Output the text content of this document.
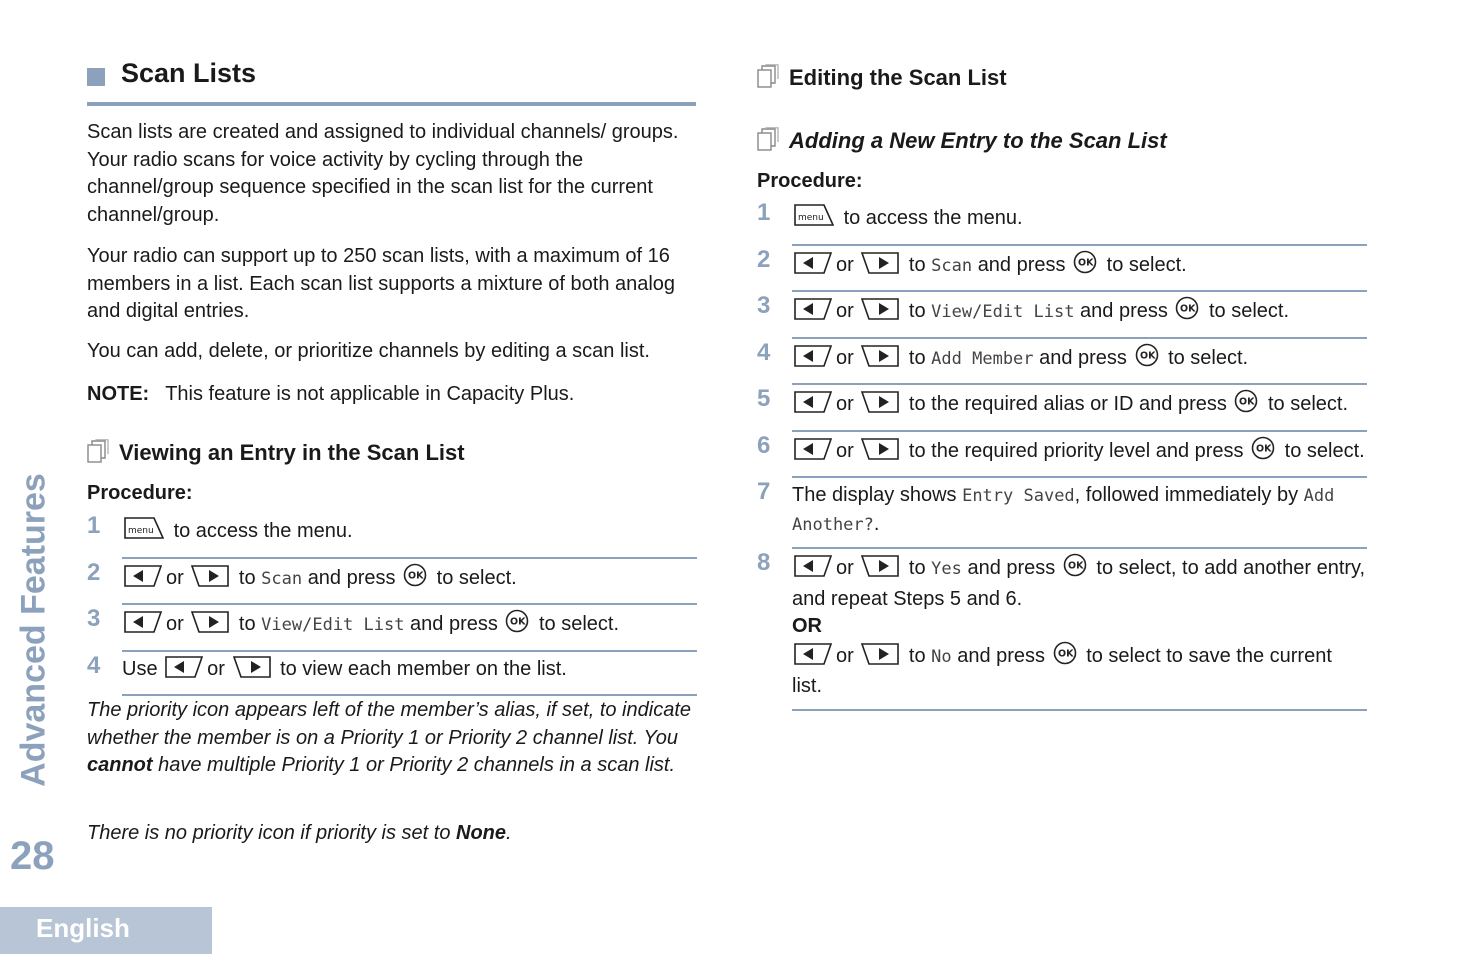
Scan Lists

Scan lists are created and assigned to individual channels/ groups. Your radio scans for voice activity by cycling through the channel/group sequence specified in the scan list for the current channel/group.

Your radio can support up to 250 scan lists, with a maximum of 16 members in a list. Each scan list supports a mixture of both analog and digital entries.

You can add, delete, or prioritize channels by editing a scan list.

NOTE: This feature is not applicable in Capacity Plus.
Viewing an Entry in the Scan List
Procedure:
1	menu to access the menu.
2	or	to Scan and press OK to select.
3	or	to View/Edit List and press OK to select.
4	Use or	to view each member on the list.

The priority icon appears left of the member’s alias, if set, to indicate whether the member is on a Priority 1 or Priority 2 channel list. You cannot have multiple Priority 1 or Priority 2 channels in a scan list.

There is no priority icon if priority is set to None.

Editing the Scan List
Adding a New Entry to the Scan List
Procedure:
1	menu to access the menu.
2	or	to Scan and press OK to select.
3	or	to View/Edit List and press OK to select.
4	or	to Add Member and press OK to select.
5	or	to the required alias or ID and press OK to select.
6	or	to the required priority level and press OK to select.
7	The display shows Entry Saved, followed immediately by Add Another?.
8	or	to Yes and press OK to select, to add another entry, and repeat Steps 5 and 6.
OR
or	to No and press OK to select to save the current list.
Advanced Features
28
English
